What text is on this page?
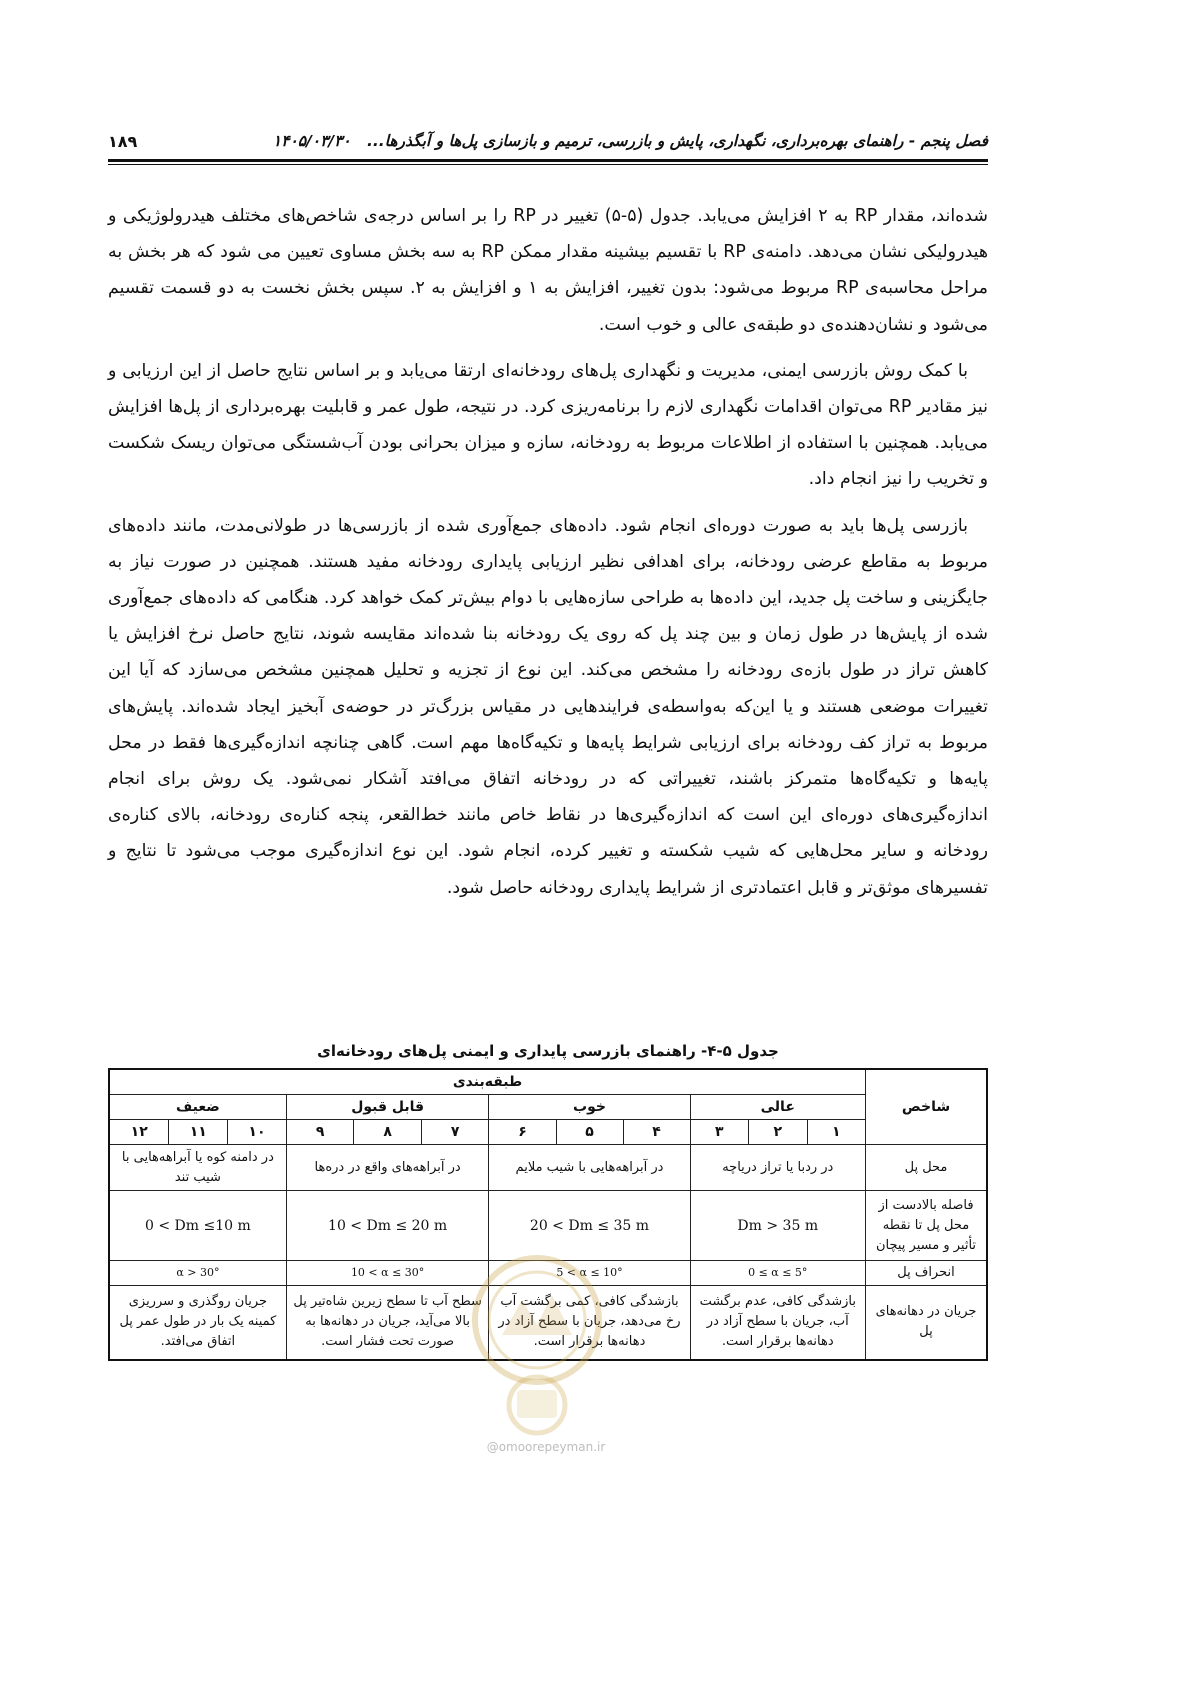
فصل پنجم - راهنمای بهره‌برداری، نگهداری، پایش و بازرسی، ترمیم و بازسازی پل‌ها و آبگذرها...   ۱۴۰۵/۰۳/۳۰
۱۸۹

شده‌اند، مقدار RP به ۲ افزایش می‌یابد. جدول (۵-۵) تغییر در RP را بر اساس درجه‌ی شاخص‌های مختلف هیدرولوژیکی و هیدرولیکی نشان می‌دهد. دامنه‌ی RP با تقسیم بیشینه مقدار ممکن RP به سه بخش مساوی تعیین می شود که هر بخش به مراحل محاسبه‌ی RP مربوط می‌شود: بدون تغییر، افزایش به ۱ و افزایش به ۲. سپس بخش نخست به دو قسمت تقسیم می‌شود و نشان‌دهنده‌ی دو طبقه‌ی عالی و خوب است.

با کمک روش بازرسی ایمنی، مدیریت و نگهداری پل‌های رودخانه‌ای ارتقا می‌یابد و بر اساس نتایج حاصل از این ارزیابی و نیز مقادیر RP می‌توان اقدامات نگهداری لازم را برنامه‌ریزی کرد. در نتیجه، طول عمر و قابلیت بهره‌برداری از پل‌ها افزایش می‌یابد. همچنین با استفاده از اطلاعات مربوط به رودخانه، سازه و میزان بحرانی بودن آب‌شستگی می‌توان ریسک شکست و تخریب را نیز انجام داد.

بازرسی پل‌ها باید به صورت دوره‌ای انجام شود. داده‌های جمع‌آوری شده از بازرسی‌ها در طولانی‌مدت، مانند داده‌های مربوط به مقاطع عرضی رودخانه، برای اهدافی نظیر ارزیابی پایداری رودخانه مفید هستند. همچنین در صورت نیاز به جایگزینی و ساخت پل جدید، این داده‌ها به طراحی سازه‌هایی با دوام بیش‌تر کمک خواهد کرد. هنگامی که داده‌های جمع‌آوری شده از پایش‌ها در طول زمان و بین چند پل که روی یک رودخانه بنا شده‌اند مقایسه شوند، نتایج حاصل نرخ افزایش یا کاهش تراز در طول بازه‌ی رودخانه را مشخص می‌کند. این نوع از تجزیه و تحلیل همچنین مشخص می‌سازد که آیا این تغییرات موضعی هستند و یا این‌که به‌واسطه‌ی فرایندهایی در مقیاس بزرگ‌تر در حوضه‌ی آبخیز ایجاد شده‌اند. پایش‌های مربوط به تراز کف رودخانه برای ارزیابی شرایط پایه‌ها و تکیه‌گاه‌ها مهم است. گاهی چنانچه اندازه‌گیری‌ها فقط در محل پایه‌ها و تکیه‌گاه‌ها متمرکز باشند، تغییراتی که در رودخانه اتفاق می‌افتد آشکار نمی‌شود. یک روش برای انجام اندازه‌گیری‌های دوره‌ای این است که اندازه‌گیری‌ها در نقاط خاص مانند خط‌القعر، پنجه کناره‌ی رودخانه، بالای کناره‌ی رودخانه و سایر محل‌هایی که شیب شکسته و تغییر کرده، انجام شود. این نوع اندازه‌گیری موجب می‌شود تا نتایج و تفسیرهای موثق‌تر و قابل اعتمادتری از شرایط پایداری رودخانه حاصل شود.

جدول ۵-۴- راهنمای بازرسی پایداری و ایمنی پل‌های رودخانه‌ای
شاخص	طبقه‌بندی											
	عالی			خوب			قابل قبول			ضعیف		
	۱	۲	۳	۴	۵	۶	۷	۸	۹	۱۰	۱۱	۱۲
محل پل	در ردبا یا تراز درياچه			در آبراهه‌هایی با شیب ملایم			در آبراهه‌های واقع در دره‌ها			در دامنه کوه یا آبراهه‌هایی با شیب تند		
فاصله بالادست از محل پل تا نقطه تأثیر و مسیر پیچان	Dm > 35 m			20 < Dm ≤ 35 m			10 < Dm ≤ 20 m			0 < Dm ≤10 m		
انحراف پل	0 ≤ α ≤ 5°			5 < α ≤ 10°			10 < α ≤ 30°			α > 30°		
جریان در دهانه‌های پل	بازشدگی کافی، عدم برگشت آب، جریان با سطح آزاد در دهانه‌ها برقرار است.			بازشدگی کافی، کمی برگشت آب رخ می‌دهد، جریان با سطح آزاد در دهانه‌ها برقرار است.			سطح آب تا سطح زیرین شاه‌تیر پل بالا می‌آید، جریان در دهانه‌ها به صورت تحت فشار است.			جریان روگذری و سرریزی کمینه یک بار در طول عمر پل اتفاق می‌افتد.		
@omoorepeyman.ir
